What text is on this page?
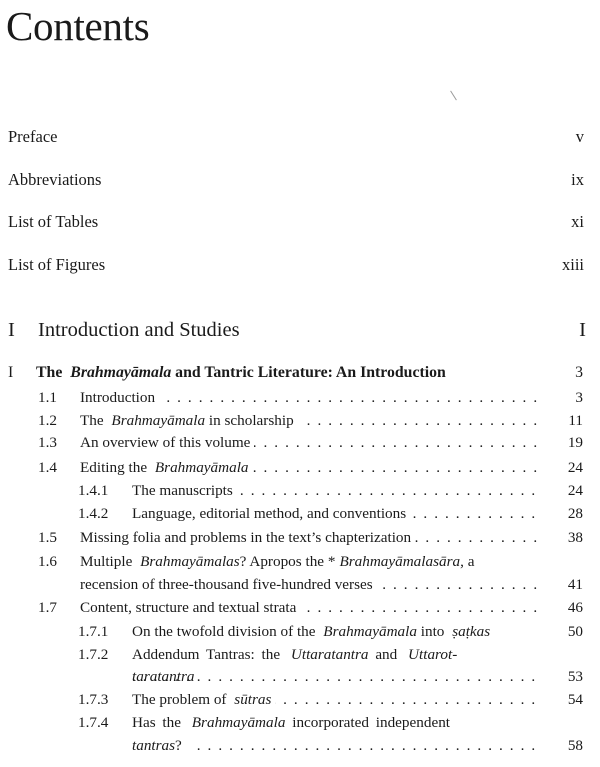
Contents
Preface	v
Abbreviations	ix
List of Tables	xi
List of Figures	xiii
I Introduction and Studies	I
I The Brahmayāmala and Tantric Literature: An Introduction	3
1.1 Introduction . . .	3
1.2 The Brahmayāmala in scholarship . . .	11
1.3 An overview of this volume . . .	19
1.4 Editing the Brahmayāmala . . .	24
1.4.1 The manuscripts . . .	24
1.4.2 Language, editorial method, and conventions . . .	28
1.5 Missing folia and problems in the text’s chapterization . . .	38
1.6 Multiple Brahmayāmalas? Apropos the * Brahmayāmalasāra, a
recension of three-thousand five-hundred verses . . .	41
1.7 Content, structure and textual strata . . .	46
1.7.1 On the twofold division of the Brahmayāmala into ṣaṭkas	50
1.7.2 Addendum Tantras: the Uttaratantra and Uttarot-
taratantra . . .	53
1.7.3 The problem of sūtras . . .	54
1.7.4 Has the Brahmayāmala incorporated independent
tantras? . . .	58
